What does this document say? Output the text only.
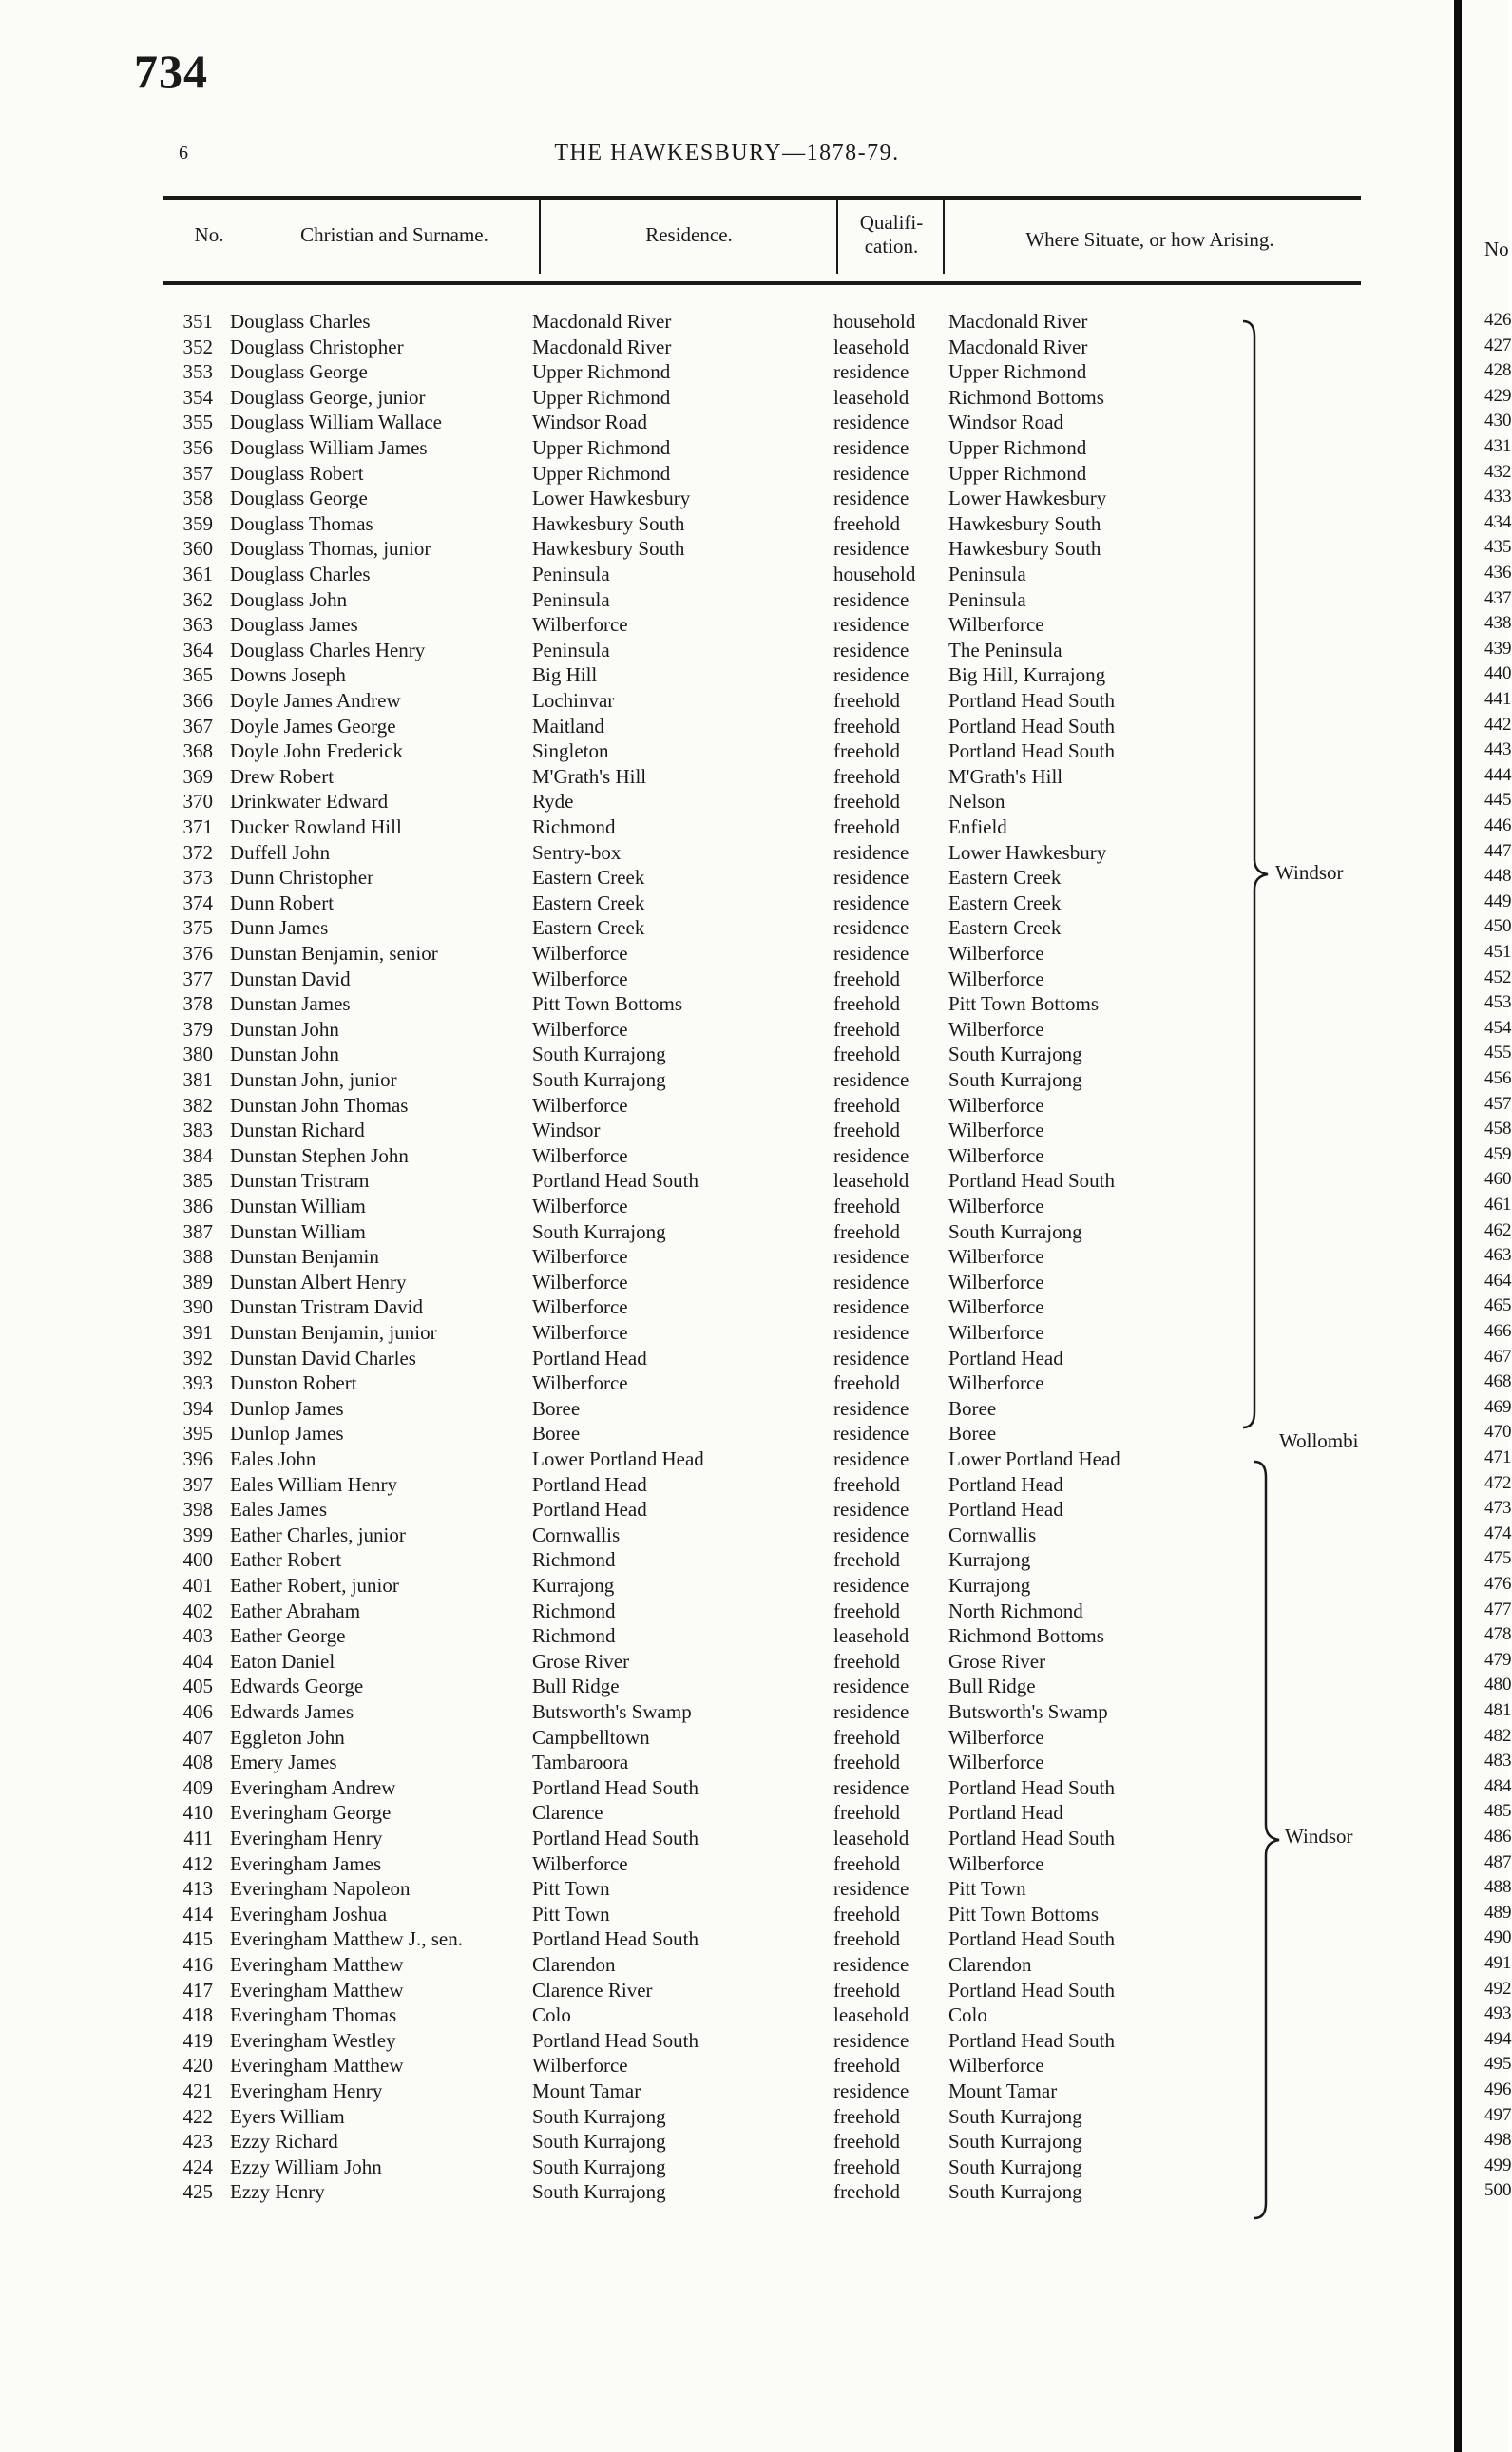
734
6	THE HAWKESBURY—1878-79.
No.	Christian and Surname.	Residence.
Qualifi-
cation.	Where Situate, or how Arising.
351 Douglass Charles	Macdonald River	household Macdonald River
352 Douglass Christopher	Macdonald River	leasehold Macdonald River
353 Douglass George	Upper Richmond	residence Upper Richmond
354 Douglass George, junior	Upper Richmond	leasehold Richmond Bottoms
355 Douglass William Wallace	Windsor Road	residence Windsor Road
356 Douglass William James	Upper Richmond	residence Upper Richmond
357 Douglass Robert	Upper Richmond	residence Upper Richmond
358 Douglass George	Lower Hawkesbury	residence Lower Hawkesbury
359 Douglass Thomas	Hawkesbury South	freehold Hawkesbury South
360 Douglass Thomas, junior	Hawkesbury South	residence Hawkesbury South
361 Douglass Charles	Peninsula	household Peninsula
362 Douglass John	Peninsula	residence Peninsula
363 Douglass James	Wilberforce	residence Wilberforce
364 Douglass Charles Henry	Peninsula	residence The Peninsula
365 Downs Joseph	Big Hill	residence Big Hill, Kurrajong
366 Doyle James Andrew	Lochinvar	freehold Portland Head South
367 Doyle James George	Maitland	freehold Portland Head South
368 Doyle John Frederick	Singleton	freehold Portland Head South
369 Drew Robert	M'Grath's Hill	freehold M'Grath's Hill
370 Drinkwater Edward	Ryde	freehold Nelson
371 Ducker Rowland Hill	Richmond	freehold Enfield
372 Duffell John	Sentry-box	residence Lower Hawkesbury
373 Dunn Christopher	Eastern Creek	residence Eastern Creek
374 Dunn Robert	Eastern Creek	residence Eastern Creek
375 Dunn James	Eastern Creek	residence Eastern Creek
376 Dunstan Benjamin, senior	Wilberforce	residence Wilberforce
377 Dunstan David	Wilberforce	freehold Wilberforce
378 Dunstan James	Pitt Town Bottoms	freehold Pitt Town Bottoms
379 Dunstan John	Wilberforce	freehold Wilberforce
380 Dunstan John	South Kurrajong	freehold South Kurrajong
381 Dunstan John, junior	South Kurrajong	residence South Kurrajong
382 Dunstan John Thomas	Wilberforce	freehold Wilberforce
383 Dunstan Richard	Windsor	freehold Wilberforce
384 Dunstan Stephen John	Wilberforce	residence Wilberforce
385 Dunstan Tristram	Portland Head South	leasehold Portland Head South
386 Dunstan William	Wilberforce	freehold Wilberforce
387 Dunstan William	South Kurrajong	freehold South Kurrajong
388 Dunstan Benjamin	Wilberforce	residence Wilberforce
389 Dunstan Albert Henry	Wilberforce	residence Wilberforce
390 Dunstan Tristram David	Wilberforce	residence Wilberforce
391 Dunstan Benjamin, junior	Wilberforce	residence Wilberforce
392 Dunstan David Charles	Portland Head	residence Portland Head
393 Dunston Robert	Wilberforce	freehold Wilberforce
394 Dunlop James	Boree	residence Boree
395 Dunlop James	Boree	residence Boree
396 Eales John	Lower Portland Head	residence Lower Portland Head
397 Eales William Henry	Portland Head	freehold Portland Head
398 Eales James	Portland Head	residence Portland Head
399 Eather Charles, junior	Cornwallis	residence Cornwallis
400 Eather Robert	Richmond	freehold Kurrajong
401 Eather Robert, junior	Kurrajong	residence Kurrajong
402 Eather Abraham	Richmond	freehold North Richmond
403 Eather George	Richmond	leasehold Richmond Bottoms
404 Eaton Daniel	Grose River	freehold Grose River
405 Edwards George	Bull Ridge	residence Bull Ridge
406 Edwards James	Butsworth's Swamp	residence Butsworth's Swamp
407 Eggleton John	Campbelltown	freehold Wilberforce
408 Emery James	Tambaroora	freehold Wilberforce
409 Everingham Andrew	Portland Head South	residence Portland Head South
410 Everingham George	Clarence	freehold Portland Head
411 Everingham Henry	Portland Head South	leasehold Portland Head South
412 Everingham James	Wilberforce	freehold Wilberforce
413 Everingham Napoleon	Pitt Town	residence Pitt Town
414 Everingham Joshua	Pitt Town	freehold Pitt Town Bottoms
415 Everingham Matthew J., sen.	Portland Head South	freehold Portland Head South
416 Everingham Matthew	Clarendon	residence Clarendon
417 Everingham Matthew	Clarence River	freehold Portland Head South
418 Everingham Thomas	Colo	leasehold Colo
419 Everingham Westley	Portland Head South	residence Portland Head South
420 Everingham Matthew	Wilberforce	freehold Wilberforce
421 Everingham Henry	Mount Tamar	residence Mount Tamar
422 Eyers William	South Kurrajong	freehold South Kurrajong
423 Ezzy Richard	South Kurrajong	freehold South Kurrajong
424 Ezzy William John	South Kurrajong	freehold South Kurrajong
425 Ezzy Henry	South Kurrajong	freehold South Kurrajong
Windsor
Wollombi
Windsor
No
426
427
428
429
430
431
432
433
434
435
436
437
438
439
440
441
442
443
444
445
446
447
448
449
450
451
452
453
454
455
456
457
458
459
460
461
462
463
464
465
466
467
468
469
470
471
472
473
474
475
476
477
478
479
480
481
482
483
484
485
486
487
488
489
490
491
492
493
494
495
496
497
498
499
500
